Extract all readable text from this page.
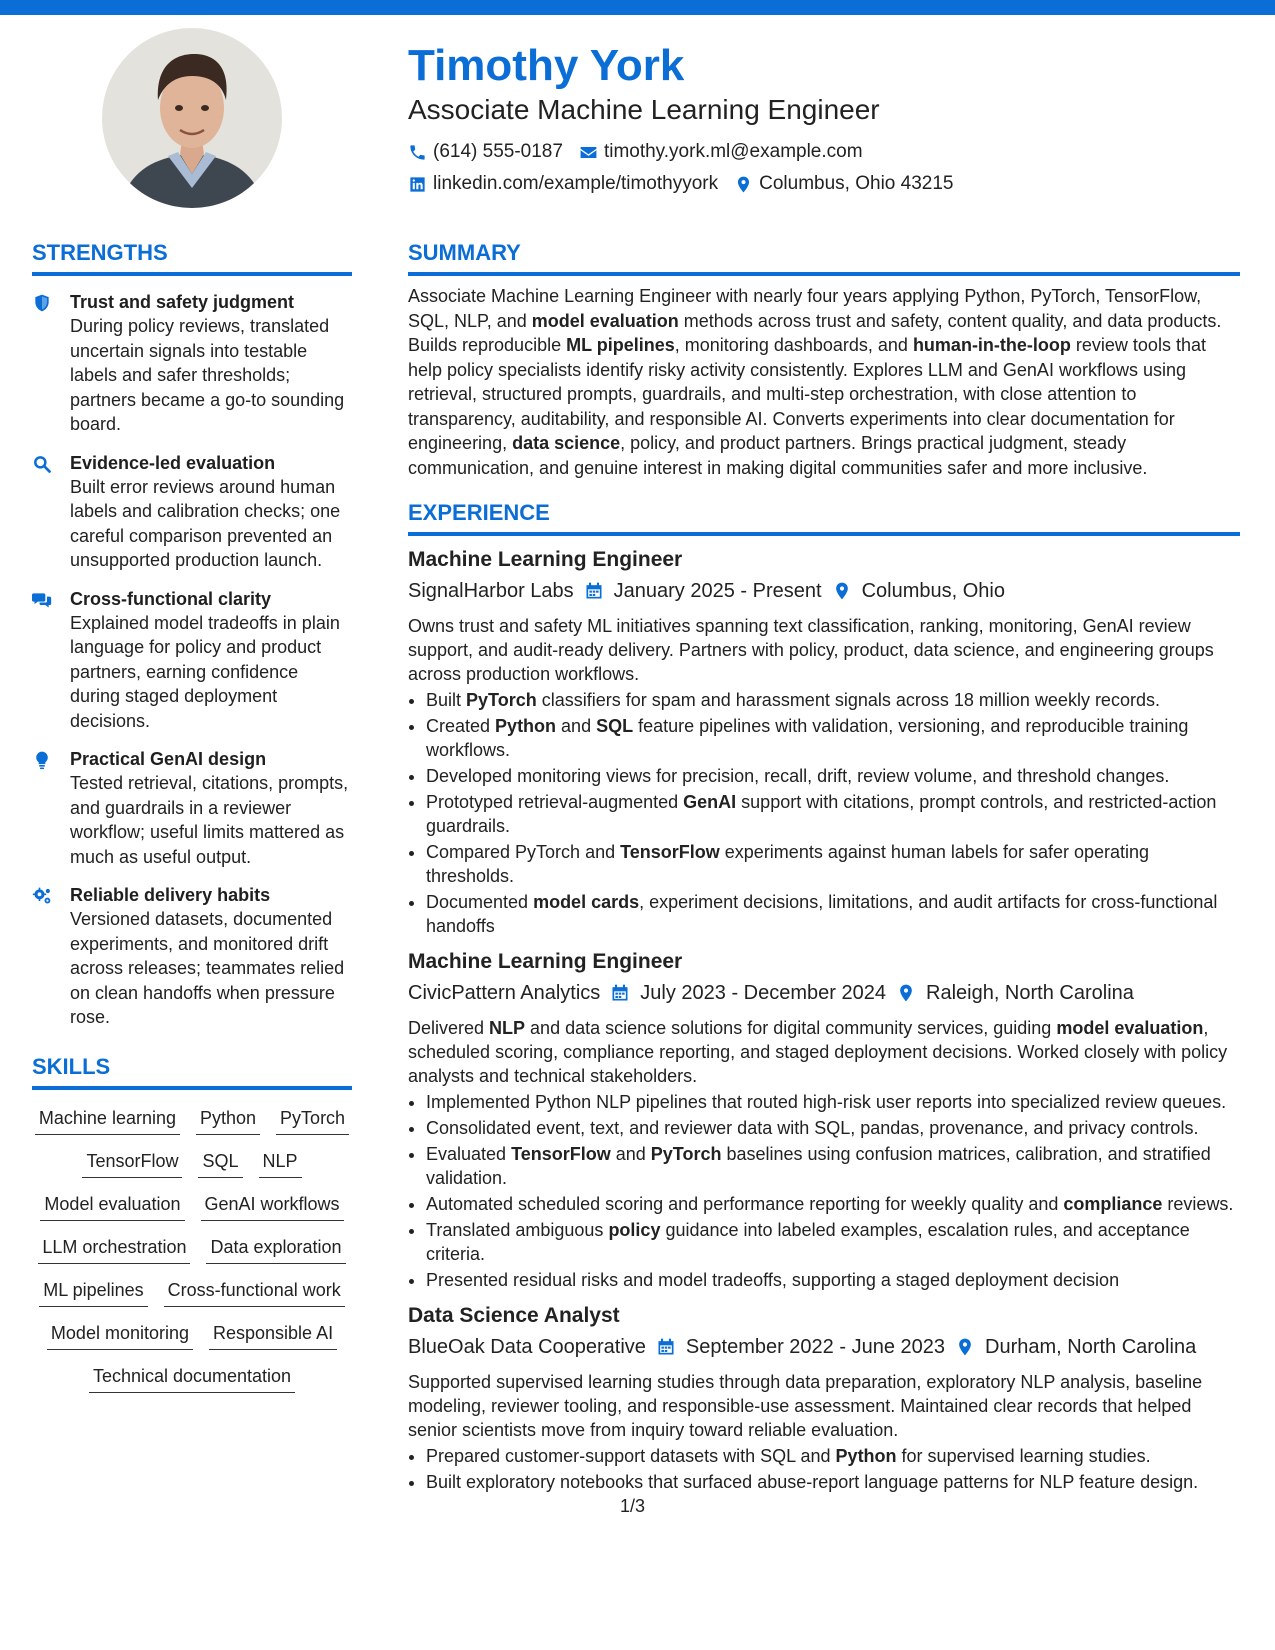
Timothy York
Associate Machine Learning Engineer
(614) 555-0187 timothy.york.ml@example.com
linkedin.com/example/timothyyork Columbus, Ohio 43215
STRENGTHS
Trust and safety judgment
During policy reviews, translated uncertain signals into testable labels and safer thresholds; partners became a go-to sounding board.
Evidence-led evaluation
Built error reviews around human labels and calibration checks; one careful comparison prevented an unsupported production launch.
Cross-functional clarity
Explained model tradeoffs in plain language for policy and product partners, earning confidence during staged deployment decisions.
Practical GenAI design
Tested retrieval, citations, prompts, and guardrails in a reviewer workflow; useful limits mattered as much as useful output.
Reliable delivery habits
Versioned datasets, documented experiments, and monitored drift across releases; teammates relied on clean handoffs when pressure rose.
SKILLS
Machine learning Python PyTorch
TensorFlow SQL NLP
Model evaluation GenAI workflows
LLM orchestration Data exploration
ML pipelines Cross-functional work
Model monitoring Responsible AI
Technical documentation
SUMMARY
Associate Machine Learning Engineer with nearly four years applying Python, PyTorch, TensorFlow, SQL, NLP, and model evaluation methods across trust and safety, content quality, and data products. Builds reproducible ML pipelines, monitoring dashboards, and human-in-the-loop review tools that help policy specialists identify risky activity consistently. Explores LLM and GenAI workflows using retrieval, structured prompts, guardrails, and multi-step orchestration, with close attention to transparency, auditability, and responsible AI. Converts experiments into clear documentation for engineering, data science, policy, and product partners. Brings practical judgment, steady communication, and genuine interest in making digital communities safer and more inclusive.
EXPERIENCE
Machine Learning Engineer
SignalHarbor Labs January 2025 - Present Columbus, Ohio
Owns trust and safety ML initiatives spanning text classification, ranking, monitoring, GenAI review support, and audit-ready delivery. Partners with policy, product, data science, and engineering groups across production workflows.
• Built PyTorch classifiers for spam and harassment signals across 18 million weekly records.
• Created Python and SQL feature pipelines with validation, versioning, and reproducible training workflows.
• Developed monitoring views for precision, recall, drift, review volume, and threshold changes.
• Prototyped retrieval-augmented GenAI support with citations, prompt controls, and restricted-action guardrails.
• Compared PyTorch and TensorFlow experiments against human labels for safer operating thresholds.
• Documented model cards, experiment decisions, limitations, and audit artifacts for cross-functional handoffs
Machine Learning Engineer
CivicPattern Analytics July 2023 - December 2024 Raleigh, North Carolina
Delivered NLP and data science solutions for digital community services, guiding model evaluation, scheduled scoring, compliance reporting, and staged deployment decisions. Worked closely with policy analysts and technical stakeholders.
• Implemented Python NLP pipelines that routed high-risk user reports into specialized review queues.
• Consolidated event, text, and reviewer data with SQL, pandas, provenance, and privacy controls.
• Evaluated TensorFlow and PyTorch baselines using confusion matrices, calibration, and stratified validation.
• Automated scheduled scoring and performance reporting for weekly quality and compliance reviews.
• Translated ambiguous policy guidance into labeled examples, escalation rules, and acceptance criteria.
• Presented residual risks and model tradeoffs, supporting a staged deployment decision
Data Science Analyst
BlueOak Data Cooperative September 2022 - June 2023 Durham, North Carolina
Supported supervised learning studies through data preparation, exploratory NLP analysis, baseline modeling, reviewer tooling, and responsible-use assessment. Maintained clear records that helped senior scientists move from inquiry toward reliable evaluation.
• Prepared customer-support datasets with SQL and Python for supervised learning studies.
• Built exploratory notebooks that surfaced abuse-report language patterns for NLP feature design.
1/3
